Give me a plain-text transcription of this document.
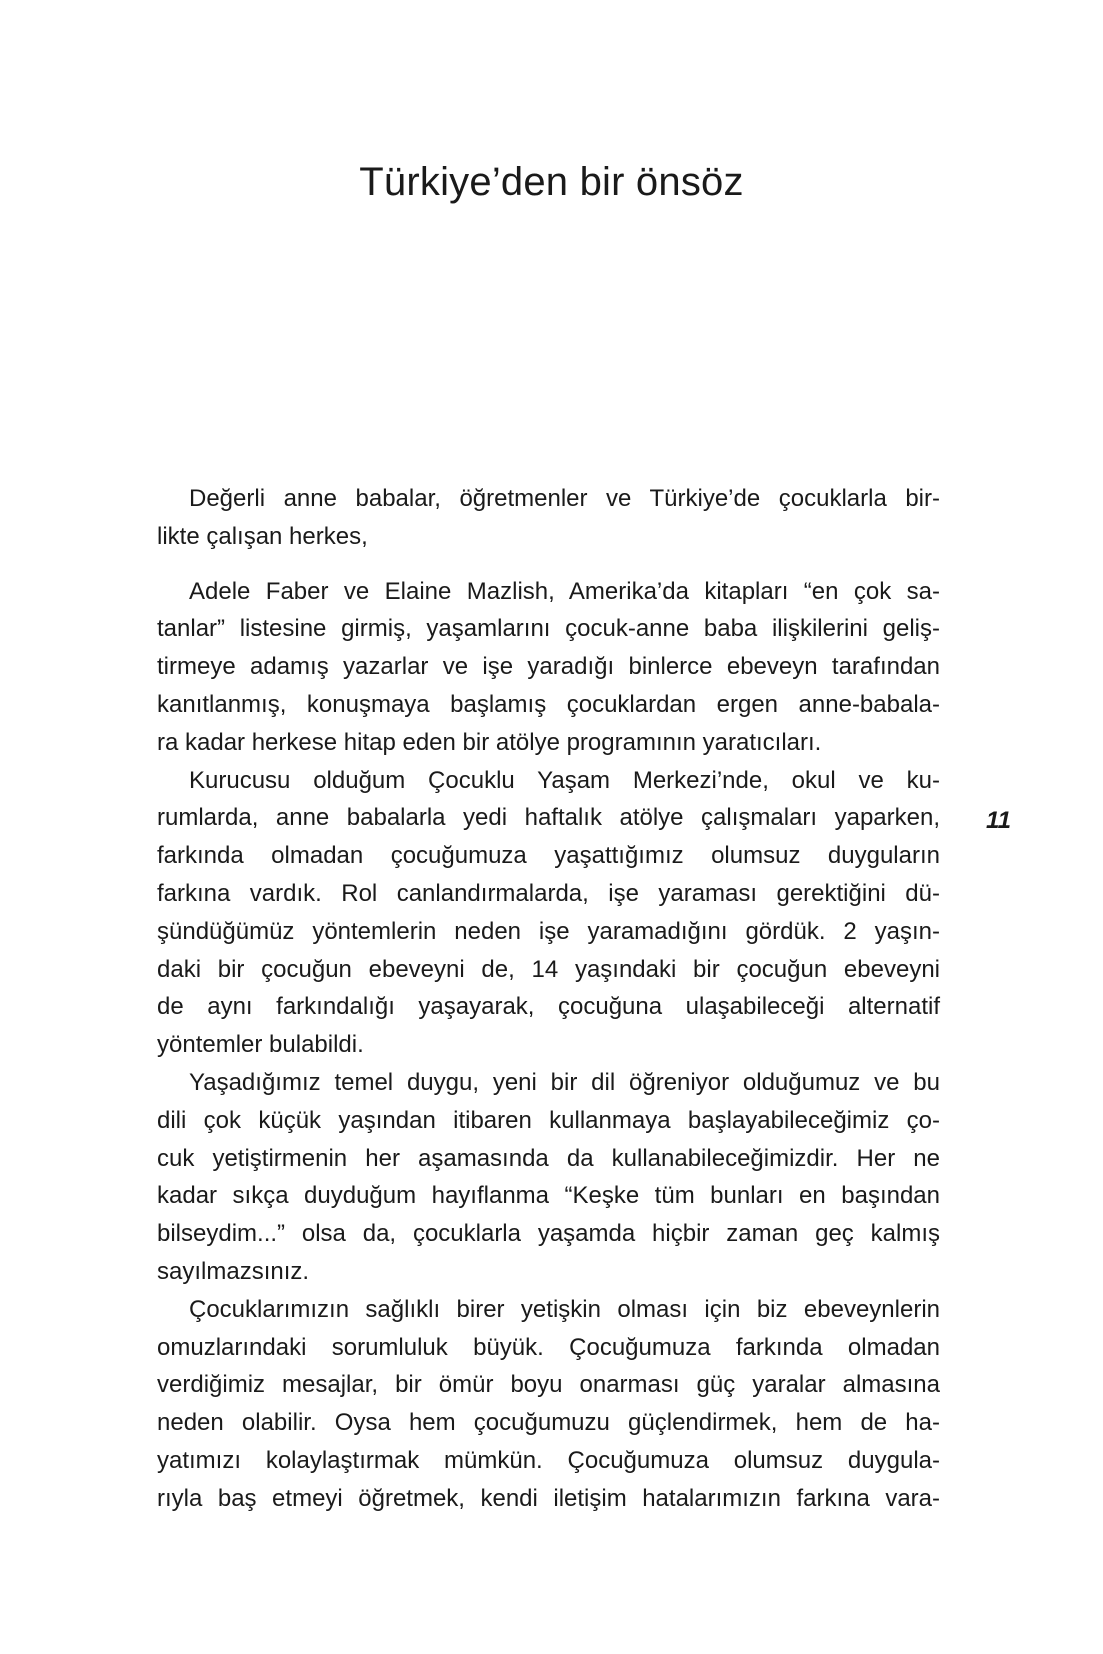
Türkiye’den bir önsöz
Değerli anne babalar, öğretmenler ve Türkiye’de çocuklarla bir-
likte çalışan herkes,
Adele Faber ve Elaine Mazlish, Amerika’da kitapları “en çok sa-
tanlar” listesine girmiş, yaşamlarını çocuk-anne baba ilişkilerini geliş-
tirmeye adamış yazarlar ve işe yaradığı binlerce ebeveyn tarafından
kanıtlanmış, konuşmaya başlamış çocuklardan ergen anne-babala-
ra kadar herkese hitap eden bir atölye programının yaratıcıları.
Kurucusu olduğum Çocuklu Yaşam Merkezi’nde, okul ve ku-
rumlarda, anne babalarla yedi haftalık atölye çalışmaları yaparken,
farkında olmadan çocuğumuza yaşattığımız olumsuz duyguların
farkına vardık. Rol canlandırmalarda, işe yaraması gerektiğini dü-
şündüğümüz yöntemlerin neden işe yaramadığını gördük. 2 yaşın-
daki bir çocuğun ebeveyni de, 14 yaşındaki bir çocuğun ebeveyni
de aynı farkındalığı yaşayarak, çocuğuna ulaşabileceği alternatif
yöntemler bulabildi.
Yaşadığımız temel duygu, yeni bir dil öğreniyor olduğumuz ve bu
dili çok küçük yaşından itibaren kullanmaya başlayabileceğimiz ço-
cuk yetiştirmenin her aşamasında da kullanabileceğimizdir. Her ne
kadar sıkça duyduğum hayıflanma “Keşke tüm bunları en başından
bilseydim...” olsa da, çocuklarla yaşamda hiçbir zaman geç kalmış
sayılmazsınız.
Çocuklarımızın sağlıklı birer yetişkin olması için biz ebeveynlerin
omuzlarındaki sorumluluk büyük. Çocuğumuza farkında olmadan
verdiğimiz mesajlar, bir ömür boyu onarması güç yaralar almasına
neden olabilir. Oysa hem çocuğumuzu güçlendirmek, hem de ha-
yatımızı kolaylaştırmak mümkün. Çocuğumuza olumsuz duygula-
rıyla baş etmeyi öğretmek, kendi iletişim hatalarımızın farkına vara-
11
